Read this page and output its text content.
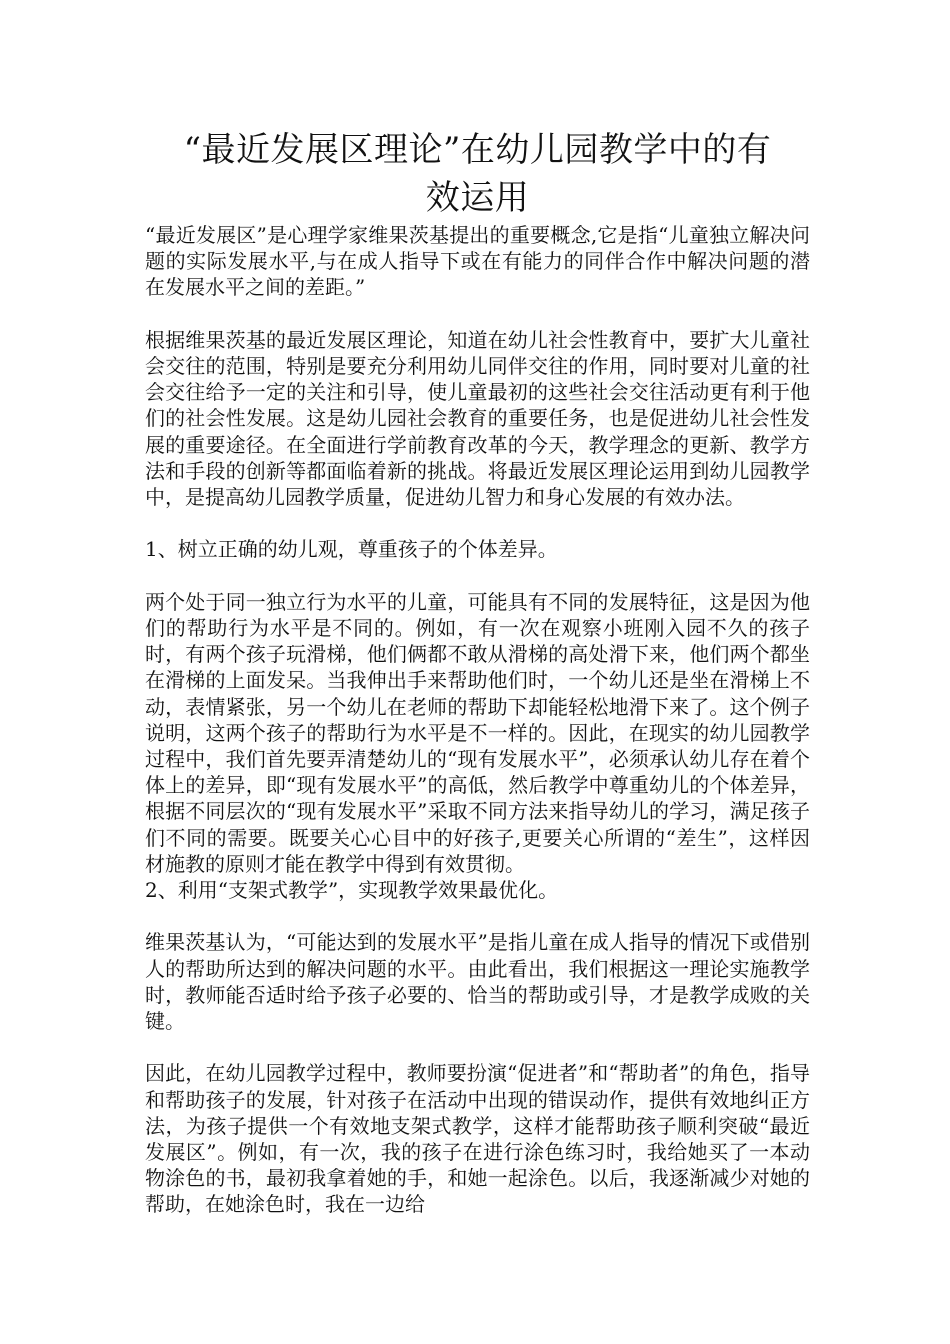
“最近发展区理论”在幼儿园教学中的有
效运用

“最近发展区”是心理学家维果茨基提出的重要概念,它是指“儿童独立解决问题的实际发展水平,与在成人指导下或在有能力的同伴合作中解决问题的潜在发展水平之间的差距。”

根据维果茨基的最近发展区理论，知道在幼儿社会性教育中，要扩大儿童社会交往的范围，特别是要充分利用幼儿同伴交往的作用，同时要对儿童的社会交往给予一定的关注和引导，使儿童最初的这些社会交往活动更有利于他们的社会性发展。这是幼儿园社会教育的重要任务，也是促进幼儿社会性发展的重要途径。在全面进行学前教育改革的今天，教学理念的更新、教学方法和手段的创新等都面临着新的挑战。将最近发展区理论运用到幼儿园教学中，是提高幼儿园教学质量，促进幼儿智力和身心发展的有效办法。

1、树立正确的幼儿观，尊重孩子的个体差异。

两个处于同一独立行为水平的儿童，可能具有不同的发展特征，这是因为他们的帮助行为水平是不同的。例如，有一次在观察小班刚入园不久的孩子时，有两个孩子玩滑梯，他们俩都不敢从滑梯的高处滑下来，他们两个都坐在滑梯的上面发呆。当我伸出手来帮助他们时，一个幼儿还是坐在滑梯上不动，表情紧张，另一个幼儿在老师的帮助下却能轻松地滑下来了。这个例子说明，这两个孩子的帮助行为水平是不一样的。因此，在现实的幼儿园教学过程中，我们首先要弄清楚幼儿的“现有发展水平”，必须承认幼儿存在着个体上的差异，即“现有发展水平”的高低，然后教学中尊重幼儿的个体差异，根据不同层次的“现有发展水平”采取不同方法来指导幼儿的学习，满足孩子们不同的需要。既要关心心目中的好孩子,更要关心所谓的“差生”，这样因材施教的原则才能在教学中得到有效贯彻。

2、利用“支架式教学”，实现教学效果最优化。

维果茨基认为，“可能达到的发展水平”是指儿童在成人指导的情况下或借别人的帮助所达到的解决问题的水平。由此看出，我们根据这一理论实施教学时，教师能否适时给予孩子必要的、恰当的帮助或引导，才是教学成败的关键。

因此，在幼儿园教学过程中，教师要扮演“促进者”和“帮助者”的角色，指导和帮助孩子的发展，针对孩子在活动中出现的错误动作，提供有效地纠正方法，为孩子提供一个有效地支架式教学，这样才能帮助孩子顺利突破“最近发展区”。例如，有一次，我的孩子在进行涂色练习时，我给她买了一本动物涂色的书，最初我拿着她的手，和她一起涂色。以后，我逐渐减少对她的帮助，在她涂色时，我在一边给
